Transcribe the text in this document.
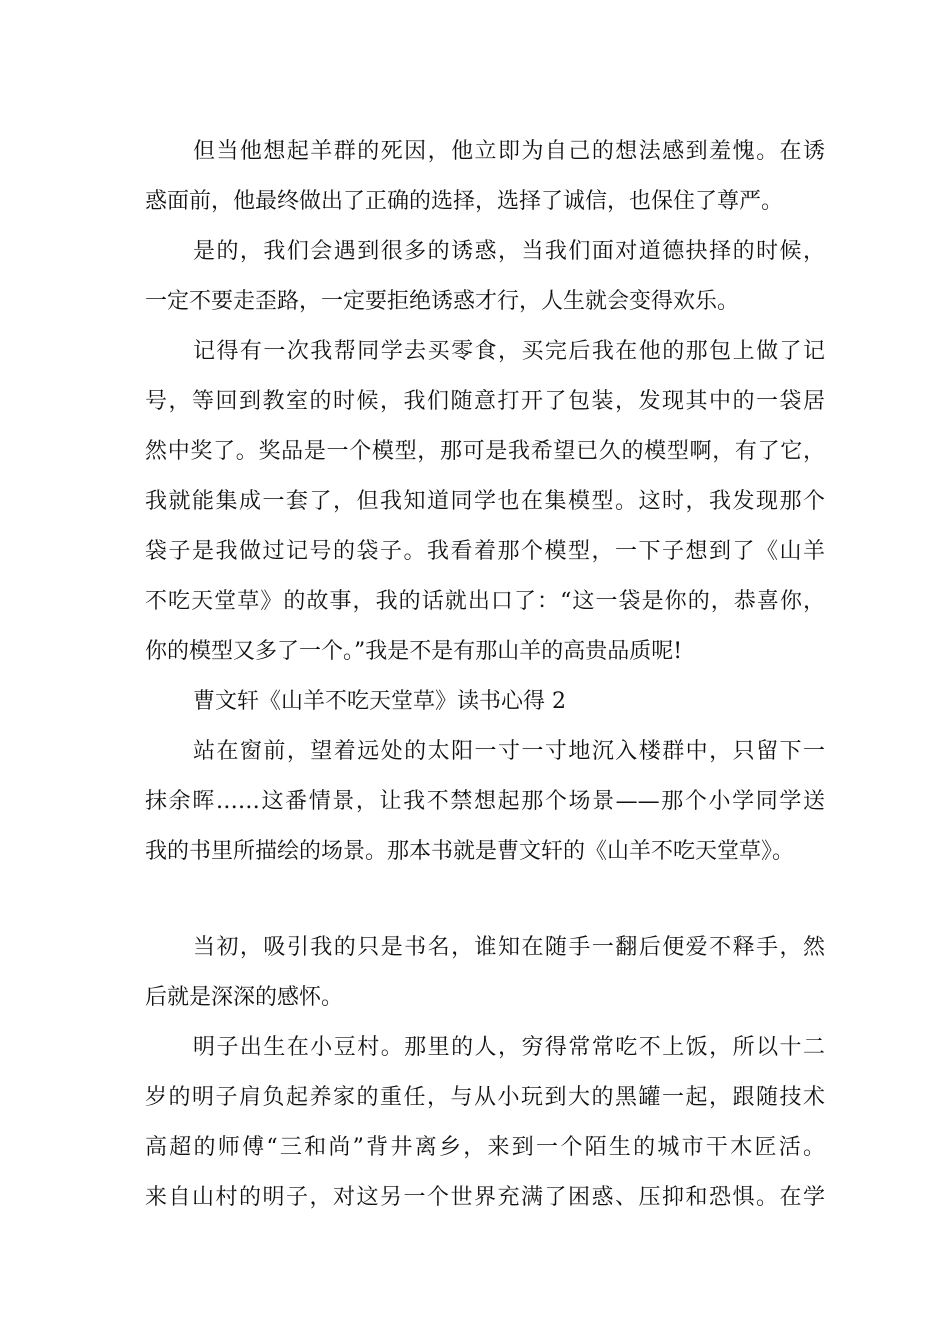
但当他想起羊群的死因，他立即为自己的想法感到羞愧。在诱
惑面前，他最终做出了正确的选择，选择了诚信，也保住了尊严。
是的，我们会遇到很多的诱惑，当我们面对道德抉择的时候，
一定不要走歪路，一定要拒绝诱惑才行，人生就会变得欢乐。
记得有一次我帮同学去买零食，买完后我在他的那包上做了记
号，等回到教室的时候，我们随意打开了包装，发现其中的一袋居
然中奖了。奖品是一个模型，那可是我希望已久的模型啊，有了它，
我就能集成一套了，但我知道同学也在集模型。这时，我发现那个
袋子是我做过记号的袋子。我看着那个模型，一下子想到了《山羊
不吃天堂草》的故事，我的话就出口了：“这一袋是你的，恭喜你，
你的模型又多了一个。”我是不是有那山羊的高贵品质呢!
曹文轩《山羊不吃天堂草》读书心得 2
站在窗前，望着远处的太阳一寸一寸地沉入楼群中，只留下一
抹余晖……这番情景，让我不禁想起那个场景——那个小学同学送
我的书里所描绘的场景。那本书就是曹文轩的《山羊不吃天堂草》。
当初，吸引我的只是书名，谁知在随手一翻后便爱不释手，然
后就是深深的感怀。
明子出生在小豆村。那里的人，穷得常常吃不上饭，所以十二
岁的明子肩负起养家的重任，与从小玩到大的黑罐一起，跟随技术
高超的师傅“三和尚”背井离乡，来到一个陌生的城市干木匠活。
来自山村的明子，对这另一个世界充满了困惑、压抑和恐惧。在学
